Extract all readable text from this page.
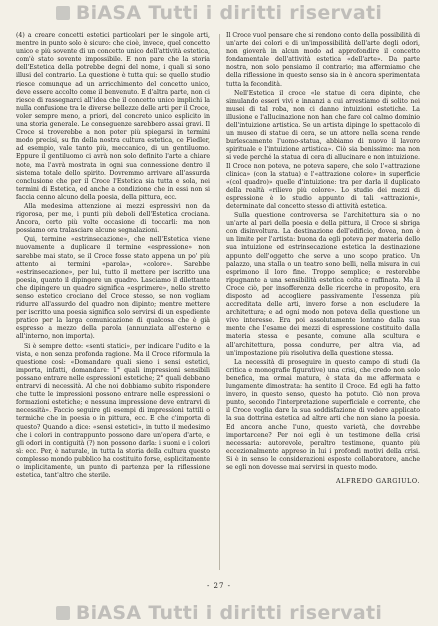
BiASA Tutti i diritti riservati

(4) a creare concetti estetici particolari per le singole arti, mentre in punto solo è sicuro: che cioè, invece, quel concetto unico e più sovente di un concetto unico dell'attività estetica, com'è stato sovente impossibile. E non pare che la storia dell'Estetica della potrebbe degni del nome, i quali si sono illusi del contrario. La questione è tutta qui: se quello studio riesce comunque ad un arricchimento del concetto unico, deve essere accolto come il benvenuto. E d'altra parte, non ci riesce di rassegnarci all'idea che il concetto unico implichi la nulla confusione tra le diverse bellezze delle arti per il Croce, voler sempre meno, a priori, del concreto unico esplicito in una storia generale. Le conseguenze sarebbero assai gravi. Il Croce si troverebbe a non poter più spiegarsi in termini modo precisi, su fin della nostra cultura estetica, ce Fiedler, ad esempio, vale tanto più, meccanico, di un gentiluomo. Eppure il gentiluomo ci avrà non solo definito l'arte a chiare note, ma l'avrà mostrata in ogni sua connessione dentro il sistema totale dello spirito. Dovremmo arrivare all'assurda conclusione che per il Croce l'Estetica sia tutta e sola, nei termini di Estetica, ed anche a condizione che in essi non si faccia cenno alcuno della poesia, della pittura, ecc.

Alla medesima attenzione ai mezzi espressivi non da rigorosa, per me, i punti più deboli dell'Estetica crociana. Ancora, certo più volte occasione di toccarli: ma non possiamo ora tralasciare alcune segnalazioni.

Qui, termine «estrinsecazione», che nell'Estetica viene nuovamente a duplicare il termine «espressione» non sarebbe mai stato, se il Croce fosse stato appena un po' più attento ai termini «parola», «colore». Sarebbe «estrinsecazione», per lui, tutto il mettere per iscritto una poesia, quanto il dipingere un quadro. Lasciamo il dilettante che dipingere un quadro significa «esprimere», nello stretto senso estetico crociano del Croce stesso, se non vogliam ridurre all'assurdo del quadro non dipinto; mentre mettere per iscritto una poesia significa solo servirsi di un espediente pratico per la larga comunicazione di qualcosa che è già espresso a mezzo della parola (annunziata all'esterno e all'interno, non importa).

Si è sempre detto: «senti statici», per indicare l'udito e la vista, e non senza profonda ragione. Ma il Croce riformula la questione così: «Domandare quali sieno i sensi estetici, importa, infatti, domandare: 1° quali impressioni sensibili possano entrare nelle espressioni estetiche; 2° quali debbano entrarvi di necessità. Al che noi dobbiamo subito rispondere che tutte le impressioni possono entrare nelle espressioni o formazioni estetiche; e nessuna impressione deve entrarvi di necessità». Faccio seguire gli esempi di impressioni tattili o termiche che in poesia o in pittura, ecc. E che c'importa di questo? Quando a dice: «sensi estetici», in tutto il medesimo che i colori in contrappunto possono dare un'opera d'arte, e gli odori in contiguità (?) non possono darla: i suoni e i colori sì: ecc. Per, è naturale, in tutta la storia della cultura questo complesso mondo pubblico ha costituito forse, esplicitamente o implicitamente, un punto di partenza per la riflessione estetica, tant'altro che sterile.

Il Croce vuol pensare che si rendono conto della possibilità di un'arte dei colori e di un'impossibilità dell'arte degli odori, non gioverà in alcun modo ad approfondire il concetto fondamentale dell'attività estetica «dell'arte». Da parte nostra, non solo pensiamo il contrario; ma affermiamo che della riflessione in questo senso sia in è ancora sperimentata tutta la fecondità.

Nell'Estetica il croce «le statue di cera dipinte, che simulando esseri vivi e innanzi a cui arrestiamo di solito nei musei di tal roba, non ci danno intuizioni estetiche. La illusione e l'allucinazione non han che fare col calmo dominio dell'intuizione artistica. Se un artista dipinge lo spettacolo di un museo di statue di cera, se un attore nella scena rende burlescamente l'uomo-statua, abbiamo di nuovo il lavoro spirituale e l'intuizione artistica». Ciò sia benissimo: ma non si vede perché la statua di cera di allucinare e non intuizione. Il Croce non poteva, ne poteva sapere, che solo l'«attrazione clinica» (con la statua) e l'«attrazione colore» in superficie «(col quadro)» quelle d'intuizione: tra per darla il duplicato della realtà «rilievo più colore». Lo studio dei mezzi di espressione è lo studio appunto di tali «attrazioni», determinate dal concetto stesso di attività estetica.

Sulla questione controversa se l'architettura sia o no un'arte al pari della poesia e della pittura, il Croce si sbriga con disinvoltura. La destinazione dell'edificio, dovea, non è un limite per l'artista: buona da egli poteva per materia dello sua intuizione ed estrinsecazione estetica la destinazione appunto dell'oggetto che serve a uno scopo pratico. Un palazzo, una stalla o un teatro sono belli, nella misura in cui esprimono il loro fine. Troppo semplice; e resterebbe ripugnante a una sensibilità estetica colta e raffinata. Ma il Croce ciò, per insofferenza delle ricerche in proposito, era disposto ad accogliere passivamente l'essenza più accreditata delle arti, invero forse a non escludere la architettura; e ad ogni modo non poteva della questione un vivo interesse. Era poi assolutamente lontano dalla sua mente che l'esame dei mezzi di espressione costituito dalla materia stessa e pesante, comune alla scultura e all'architettura, possa condurre, per altra via, ad un'impostazione più risolutiva della questione stessa.

La necessità di proseguire in questo campo di studi (la critica e monografie figurative) una crisi, che credo non solo benefica, ma ormai matura, è stata da me affermata e lungamente dimostrata: ha sentito il Croce. Ed egli ha fatto invero, in questo senso, questo ha potuto. Ciò non prova punto, secondo l'interpretazione superficiale e corrente, che il Croce voglia dare la sua soddisfazione di vedere applicato la sua dottrina estetica ad altre arti che non siano la poesia. Ed ancora anche l'uno, questo varietà, che dovrebbe importarcene? Per noi egli è un testimone della crisi necessaria: autorevole, peraltro testimone, quanto più eccezionalmente appreso in lui i profondi motivi della crisi. Si è in senso le considerazioni esposte collaboratore, anche se egli non dovesse mai servirsi in questo modo.

ALFREDO GARGIULO.
- 27 -
BiASA Tutti i diritti riservati
